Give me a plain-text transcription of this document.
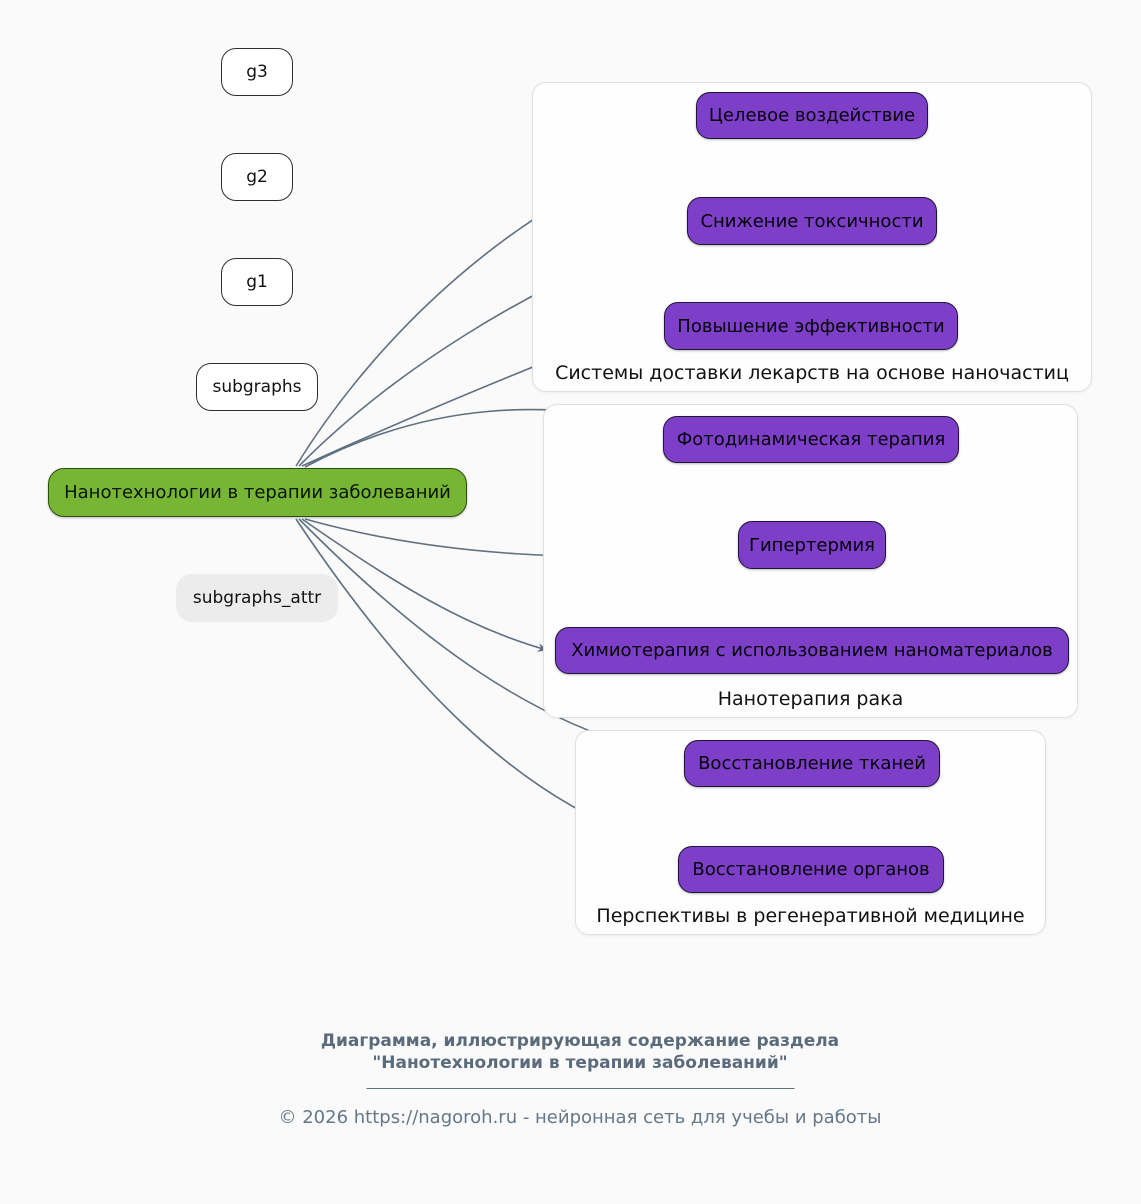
g3
g2
g1
subgraphs
subgraphs_attr
Нанотехнологии в терапии заболеваний
Системы доставки лекарств на основе наночастиц
Целевое воздействие
Снижение токсичности
Повышение эффективности
Нанотерапия рака
Фотодинамическая терапия
Гипертермия
Химиотерапия с использованием наноматериалов
Перспективы в регенеративной медицине
Восстановление тканей
Восстановление органов
Диаграмма, иллюстрирующая содержание раздела
"Нанотехнологии в терапии заболеваний"
© 2026 https://nagoroh.ru - нейронная сеть для учебы и работы
